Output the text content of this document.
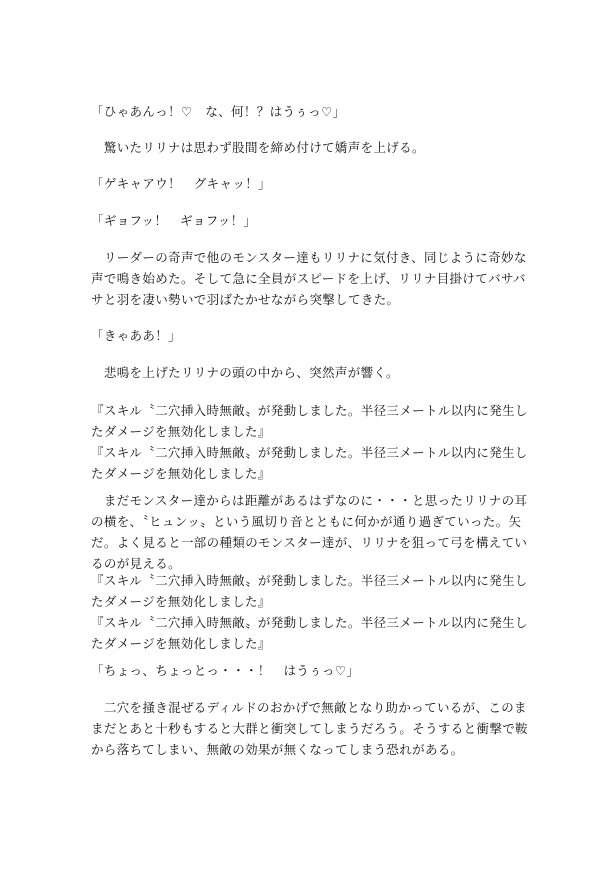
「ひゃあんっ！♡　な、何！？はうぅっ♡」

　驚いたリリナは思わず股間を締め付けて嬌声を上げる。

「ゲキャアウ！　グキャッ！」

「ギョフッ！　ギョフッ！」

　リーダーの奇声で他のモンスター達もリリナに気付き、同じように奇妙な声で鳴き始めた。そして急に全員がスピードを上げ、リリナ目掛けてバサバサと羽を凄い勢いで羽ばたかせながら突撃してきた。

「きゃああ！」

　悲鳴を上げたリリナの頭の中から、突然声が響く。

『スキル〝二穴挿入時無敵〟が発動しました。半径三メートル以内に発生したダメージを無効化しました』
『スキル〝二穴挿入時無敵〟が発動しました。半径三メートル以内に発生したダメージを無効化しました』

　まだモンスター達からは距離があるはずなのに・・・と思ったリリナの耳の横を、〝ヒュンッ〟という風切り音とともに何かが通り過ぎていった。矢だ。よく見ると一部の種類のモンスター達が、リリナを狙って弓を構えているのが見える。

『スキル〝二穴挿入時無敵〟が発動しました。半径三メートル以内に発生したダメージを無効化しました』
『スキル〝二穴挿入時無敵〟が発動しました。半径三メートル以内に発生したダメージを無効化しました』

「ちょっ、ちょっとっ・・・！　はうぅっ♡」

　二穴を掻き混ぜるディルドのおかげで無敵となり助かっているが、このままだとあと十秒もすると大群と衝突してしまうだろう。そうすると衝撃で鞍から落ちてしまい、無敵の効果が無くなってしまう恐れがある。
